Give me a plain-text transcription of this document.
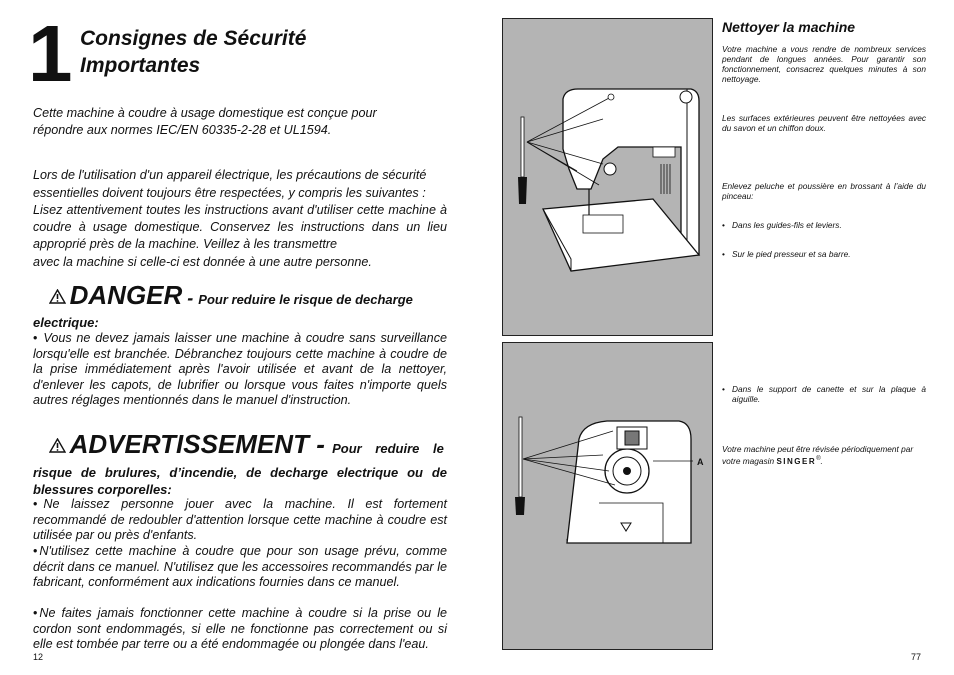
1 Consignes de Sécurité
Importantes
Cette machine à coudre à usage domestique est conçue pour répondre aux normes IEC/EN 60335-2-28 et UL1594.
Lors de l'utilisation d'un appareil électrique, les précautions de sécurité
essentielles doivent toujours être respectées, y compris les suivantes :
Lisez attentivement toutes les instructions avant d'utiliser cette machine à coudre à usage domestique. Conservez les instructions dans un lieu approprié près de la machine. Veillez à les transmettre
avec la machine si celle-ci est donnée à une autre personne.
DANGER - Pour reduire le risque de decharge
electrique:
• Vous ne devez jamais laisser une machine à coudre sans surveillance lorsqu'elle est branchée. Débranchez toujours cette machine à coudre de la prise immédiatement après l'avoir utilisée et avant de la nettoyer, d'enlever les capots, de lubrifier ou lorsque vous faites n'importe quels autres réglages mentionnés dans le manuel d'instruction.
ADVERTISSEMENT - Pour reduire le
risque de brulures, d’incendie, de decharge electrique ou de blessures corporelles:
• Ne laissez personne jouer avec la machine. Il est fortement recommandé de redoubler d'attention lorsque cette machine à coudre est utilisée par ou près d'enfants.
• N'utilisez cette machine à coudre que pour son usage prévu, comme décrit dans ce manuel. N'utilisez que les accessoires recommandés par le fabricant, conformément aux indications fournies dans ce manuel.
• Ne faites jamais fonctionner cette machine à coudre si la prise ou le cordon sont endommagés, si elle ne fonctionne pas correctement ou si elle est tombée par terre ou a été endommagée ou plongée dans l'eau.
12
A
Nettoyer la machine
Votre machine a vous rendre de nombreux services pendant de longues années. Pour garantir son fonctionnement, consacrez quelques minutes à son nettoyage.
Les surfaces extérieures peuvent être nettoyées avec du savon et un chiffon doux.
Enlevez peluche et poussière en brossant à l’aide du pinceau:
• Dans les guides-fils et leviers.
• Sur le pied presseur et sa barre.
• Dans le support de canette et sur la plaque à aiguille.
Votre machine peut être révisée périodiquement par votre magasin SINGER®.
77
